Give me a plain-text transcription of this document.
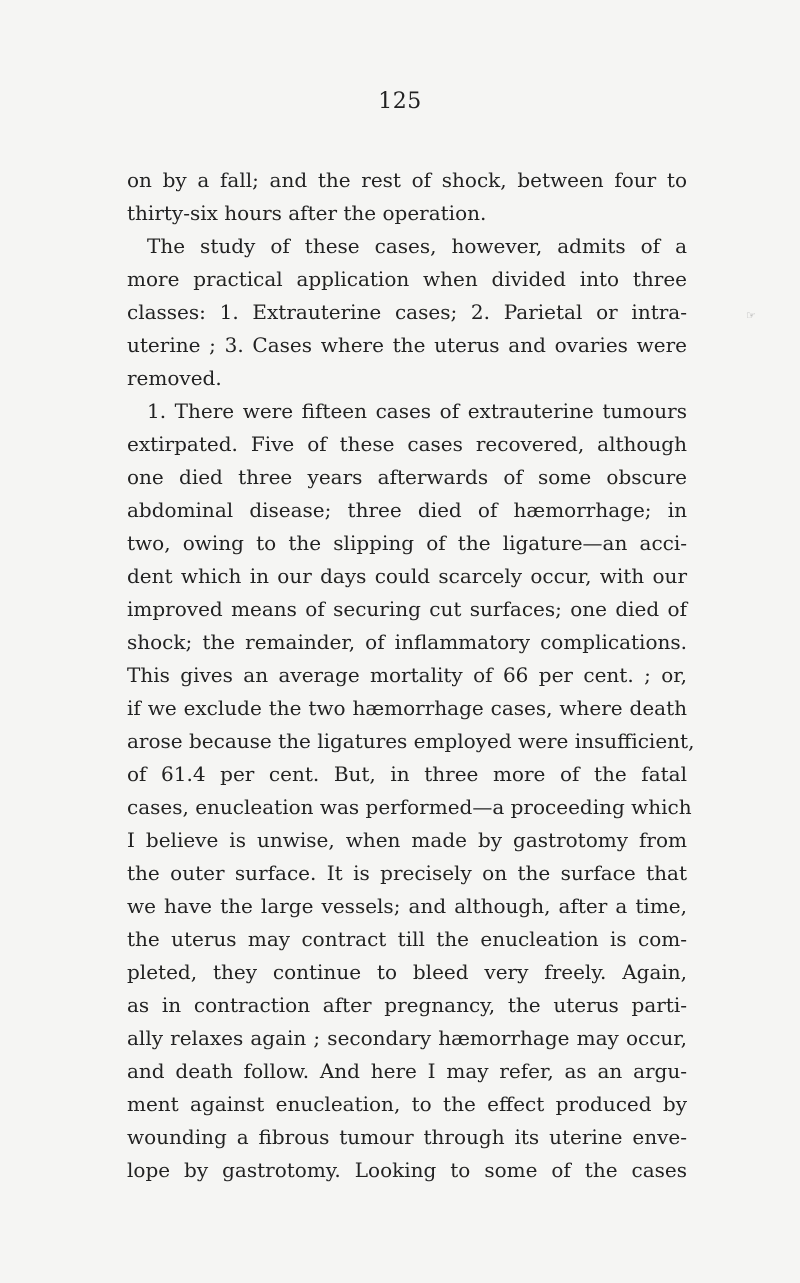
125
☞
on by a fall; and the rest of shock, between four to
thirty-six hours after the operation.
The study of these cases, however, admits of a
more practical application when divided into three
classes: 1. Extrauterine cases; 2. Parietal or intra-
uterine ; 3. Cases where the uterus and ovaries were
removed.
1. There were fifteen cases of extrauterine tumours
extirpated. Five of these cases recovered, although
one died three years afterwards of some obscure
abdominal disease; three died of hæmorrhage; in
two, owing to the slipping of the ligature—an acci-
dent which in our days could scarcely occur, with our
improved means of securing cut surfaces; one died of
shock; the remainder, of inflammatory complications.
This gives an average mortality of 66 per cent. ; or,
if we exclude the two hæmorrhage cases, where death
arose because the ligatures employed were insufficient,
of 61.4 per cent. But, in three more of the fatal
cases, enucleation was performed—a proceeding which
I believe is unwise, when made by gastrotomy from
the outer surface. It is precisely on the surface that
we have the large vessels; and although, after a time,
the uterus may contract till the enucleation is com-
pleted, they continue to bleed very freely. Again,
as in contraction after pregnancy, the uterus parti-
ally relaxes again ; secondary hæmorrhage may occur,
and death follow. And here I may refer, as an argu-
ment against enucleation, to the effect produced by
wounding a fibrous tumour through its uterine enve-
lope by gastrotomy. Looking to some of the cases
